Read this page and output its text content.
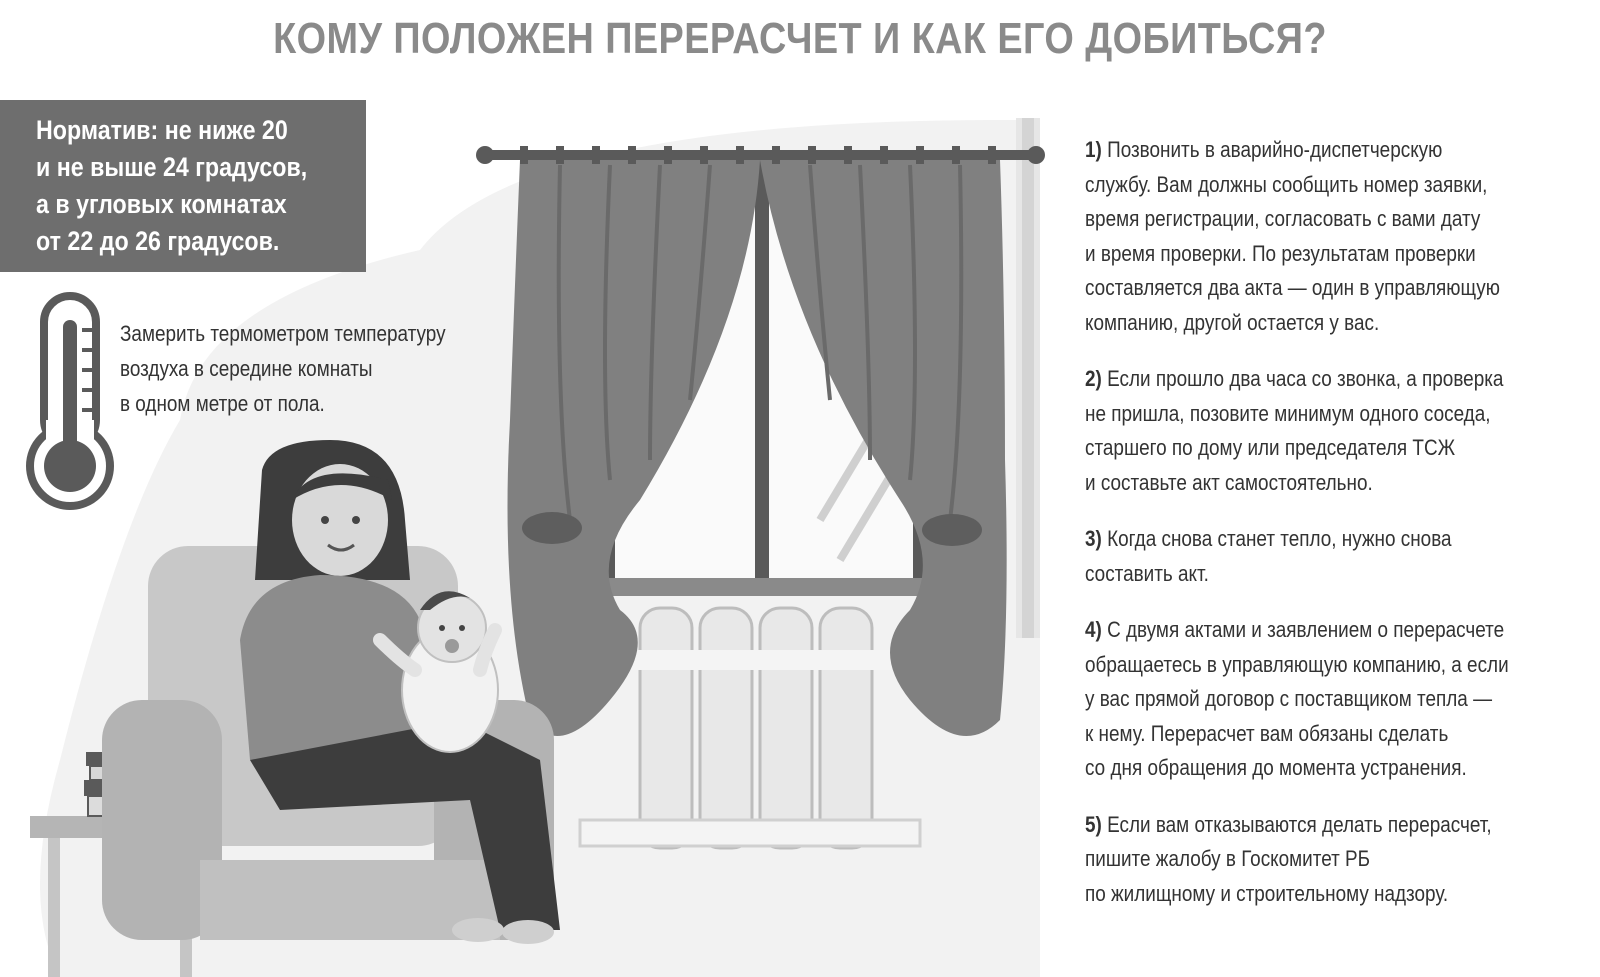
КОМУ ПОЛОЖЕН ПЕРЕРАСЧЕТ И КАК ЕГО ДОБИТЬСЯ?
Норматив: не ниже 20
и не выше 24 градусов,
а в угловых комнатах
от 22 до 26 градусов.
Замерить термометром температуру
воздуха в середине комнаты
в одном метре от пола.
1) Позвонить в аварийно-диспетчерскую
службу. Вам должны сообщить номер заявки,
время регистрации, согласовать с вами дату
и время проверки. По результатам проверки
составляется два акта — один в управляющую
компанию, другой остается у вас.
2) Если прошло два часа со звонка, а проверка
не пришла, позовите минимум одного соседа,
старшего по дому или председателя ТСЖ
и составьте акт самостоятельно.
3) Когда снова станет тепло, нужно снова
составить акт.
4) С двумя актами и заявлением о перерасчете
обращаетесь в управляющую компанию, а если
у вас прямой договор с поставщиком тепла —
к нему. Перерасчет вам обязаны сделать
со дня обращения до момента устранения.
5) Если вам отказываются делать перерасчет,
пишите жалобу в Госкомитет РБ
по жилищному и строительному надзору.
